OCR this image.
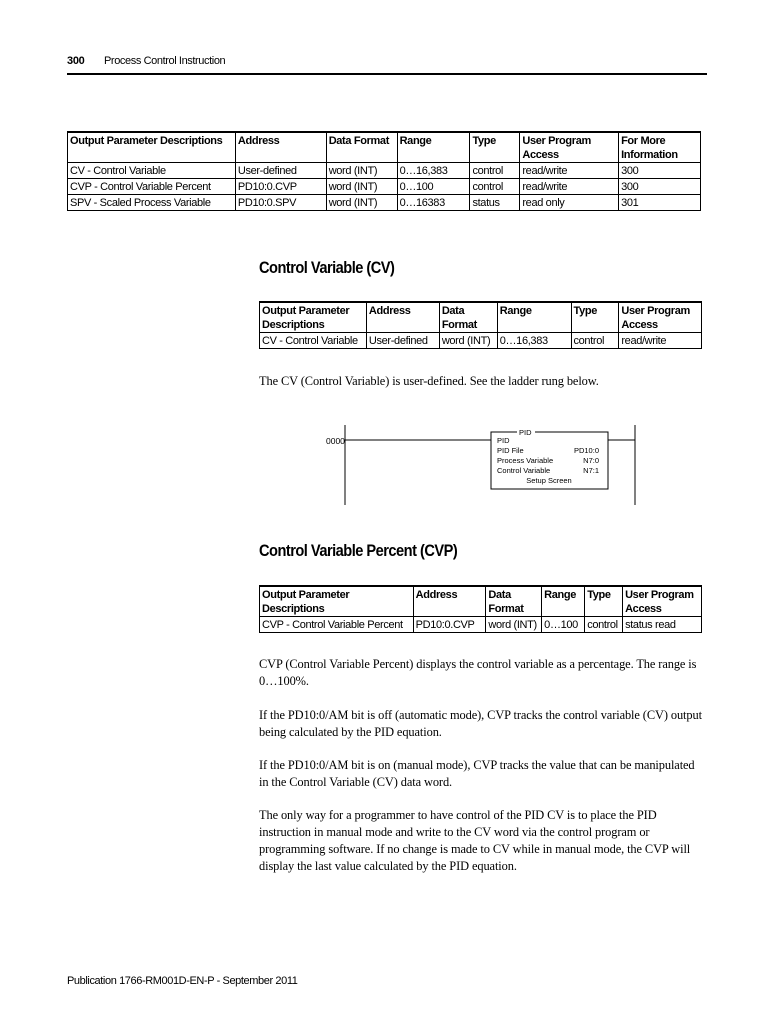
300 Process Control Instruction
Output Parameter Descriptions	Address	Data Format	Range	Type	User Program Access	For More Information
CV - Control Variable	User-defined	word (INT)	0…16,383	control	read/write	300
CVP - Control Variable Percent	PD10:0.CVP	word (INT)	0…100	control	read/write	300
SPV - Scaled Process Variable	PD10:0.SPV	word (INT)	0…16383	status	read only	301
Control Variable (CV)
Output Parameter Descriptions	Address	Data Format	Range	Type	User Program Access
CV - Control Variable	User-defined	word (INT)	0…16,383	control	read/write

The CV (Control Variable) is user-defined. See the ladder rung below.

0000
PID
PID
PID File	PD10:0
Process Variable	N7:0
Control Variable	N7:1
Setup Screen
Control Variable Percent (CVP)
Output Parameter Descriptions	Address	Data Format	Range	Type	User Program Access
CVP - Control Variable Percent	PD10:0.CVP	word (INT)	0…100	control	status read

CVP (Control Variable Percent) displays the control variable as a percentage. The range is 0…100%.

If the PD10:0/AM bit is off (automatic mode), CVP tracks the control variable (CV) output being calculated by the PID equation.

If the PD10:0/AM bit is on (manual mode), CVP tracks the value that can be manipulated in the Control Variable (CV) data word.

The only way for a programmer to have control of the PID CV is to place the PID instruction in manual mode and write to the CV word via the control program or programming software. If no change is made to CV while in manual mode, the CVP will display the last value calculated by the PID equation.

Publication 1766-RM001D-EN-P - September 2011
